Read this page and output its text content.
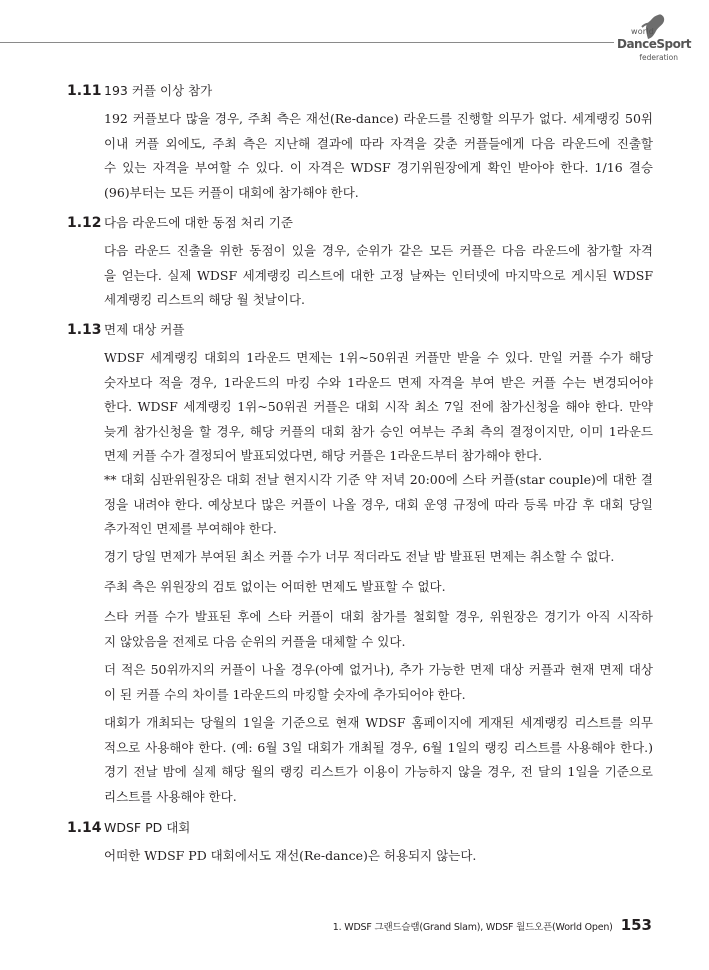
world
DanceSport
federation
1.11 193 커플 이상 참가
192 커플보다 많을 경우, 주최 측은 재선(Re-dance) 라운드를 진행할 의무가 없다. 세계랭킹 50위
이내 커플 외에도, 주최 측은 지난해 결과에 따라 자격을 갖춘 커플들에게 다음 라운드에 진출할
수 있는 자격을 부여할 수 있다. 이 자격은 WDSF 경기위원장에게 확인 받아야 한다. 1/16 결승
(96)부터는 모든 커플이 대회에 참가해야 한다.
1.12 다음 라운드에 대한 동점 처리 기준
다음 라운드 진출을 위한 동점이 있을 경우, 순위가 같은 모든 커플은 다음 라운드에 참가할 자격
을 얻는다. 실제 WDSF 세계랭킹 리스트에 대한 고정 날짜는 인터넷에 마지막으로 게시된 WDSF
세계랭킹 리스트의 해당 월 첫날이다.
1.13 면제 대상 커플
WDSF 세계랭킹 대회의 1라운드 면제는 1위~50위권 커플만 받을 수 있다. 만일 커플 수가 해당
숫자보다 적을 경우, 1라운드의 마킹 수와 1라운드 면제 자격을 부여 받은 커플 수는 변경되어야
한다. WDSF 세계랭킹 1위~50위권 커플은 대회 시작 최소 7일 전에 참가신청을 해야 한다. 만약
늦게 참가신청을 할 경우, 해당 커플의 대회 참가 승인 여부는 주최 측의 결정이지만, 이미 1라운드
면제 커플 수가 결정되어 발표되었다면, 해당 커플은 1라운드부터 참가해야 한다.
** 대회 심판위원장은 대회 전날 현지시각 기준 약 저녁 20:00에 스타 커플(star couple)에 대한 결
정을 내려야 한다. 예상보다 많은 커플이 나올 경우, 대회 운영 규정에 따라 등록 마감 후 대회 당일
추가적인 면제를 부여해야 한다.
경기 당일 면제가 부여된 최소 커플 수가 너무 적더라도 전날 밤 발표된 면제는 취소할 수 없다.
주최 측은 위원장의 검토 없이는 어떠한 면제도 발표할 수 없다.
스타 커플 수가 발표된 후에 스타 커플이 대회 참가를 철회할 경우, 위원장은 경기가 아직 시작하
지 않았음을 전제로 다음 순위의 커플을 대체할 수 있다.
더 적은 50위까지의 커플이 나올 경우(아예 없거나), 추가 가능한 면제 대상 커플과 현재 면제 대상
이 된 커플 수의 차이를 1라운드의 마킹할 숫자에 추가되어야 한다.
대회가 개최되는 당월의 1일을 기준으로 현재 WDSF 홈페이지에 게재된 세계랭킹 리스트를 의무
적으로 사용해야 한다. (예: 6월 3일 대회가 개최될 경우, 6월 1일의 랭킹 리스트를 사용해야 한다.)
경기 전날 밤에 실제 해당 월의 랭킹 리스트가 이용이 가능하지 않을 경우, 전 달의 1일을 기준으로
리스트를 사용해야 한다.
1.14 WDSF PD 대회
어떠한 WDSF PD 대회에서도 재선(Re-dance)은 허용되지 않는다.
1. WDSF 그랜드슬램(Grand Slam), WDSF 월드오픈(World Open) 153
